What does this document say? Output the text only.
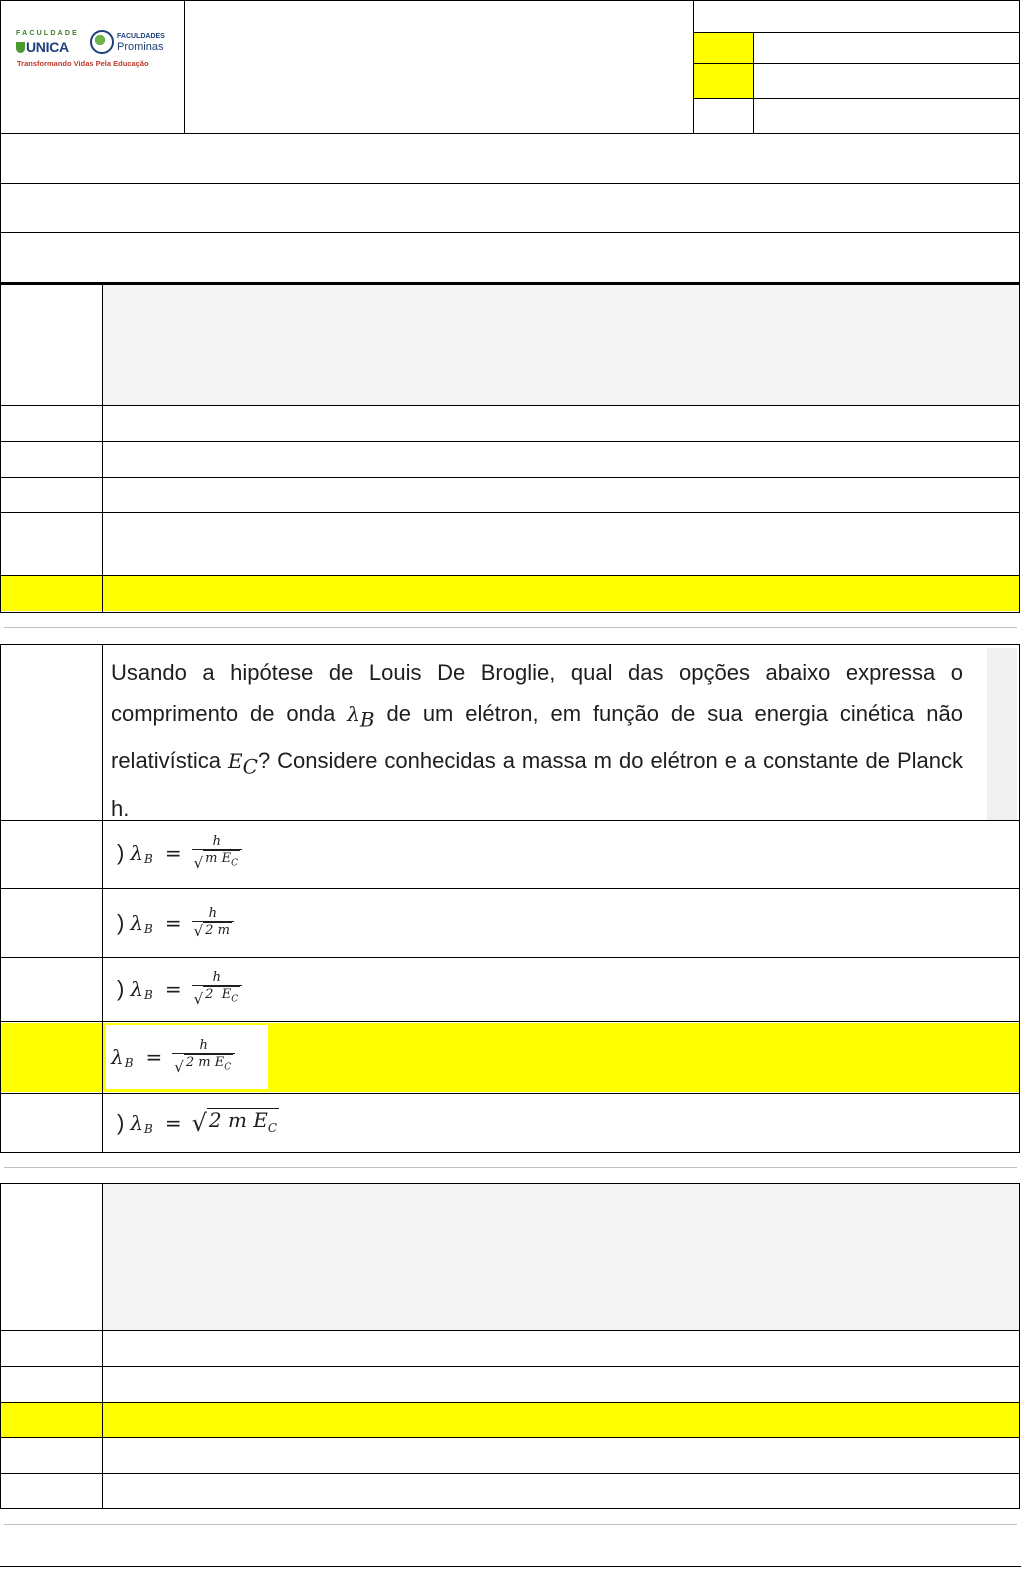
FACULDADE
UNICA
FACULDADES
Prominas
Transformando Vidas Pela Educação
Usando a hipótese de Louis De Broglie, qual das opções abaixo expressa o comprimento de onda $\lambda_B$ de um elétron, em função de sua energia cinética não relativística $E_C$? Considere conhecidas a massa m do elétron e a constante de Planck h.
) λ $B = \frac{h}{√ m E_C}$
) λ $B = \frac{h}{√ 2 m}$
) λ $B = \frac{h}{√ 2 E_C}$
λ $B = \frac{h}{√ 2 m E_C}$
) λ B = √ 2 m $E_C$
